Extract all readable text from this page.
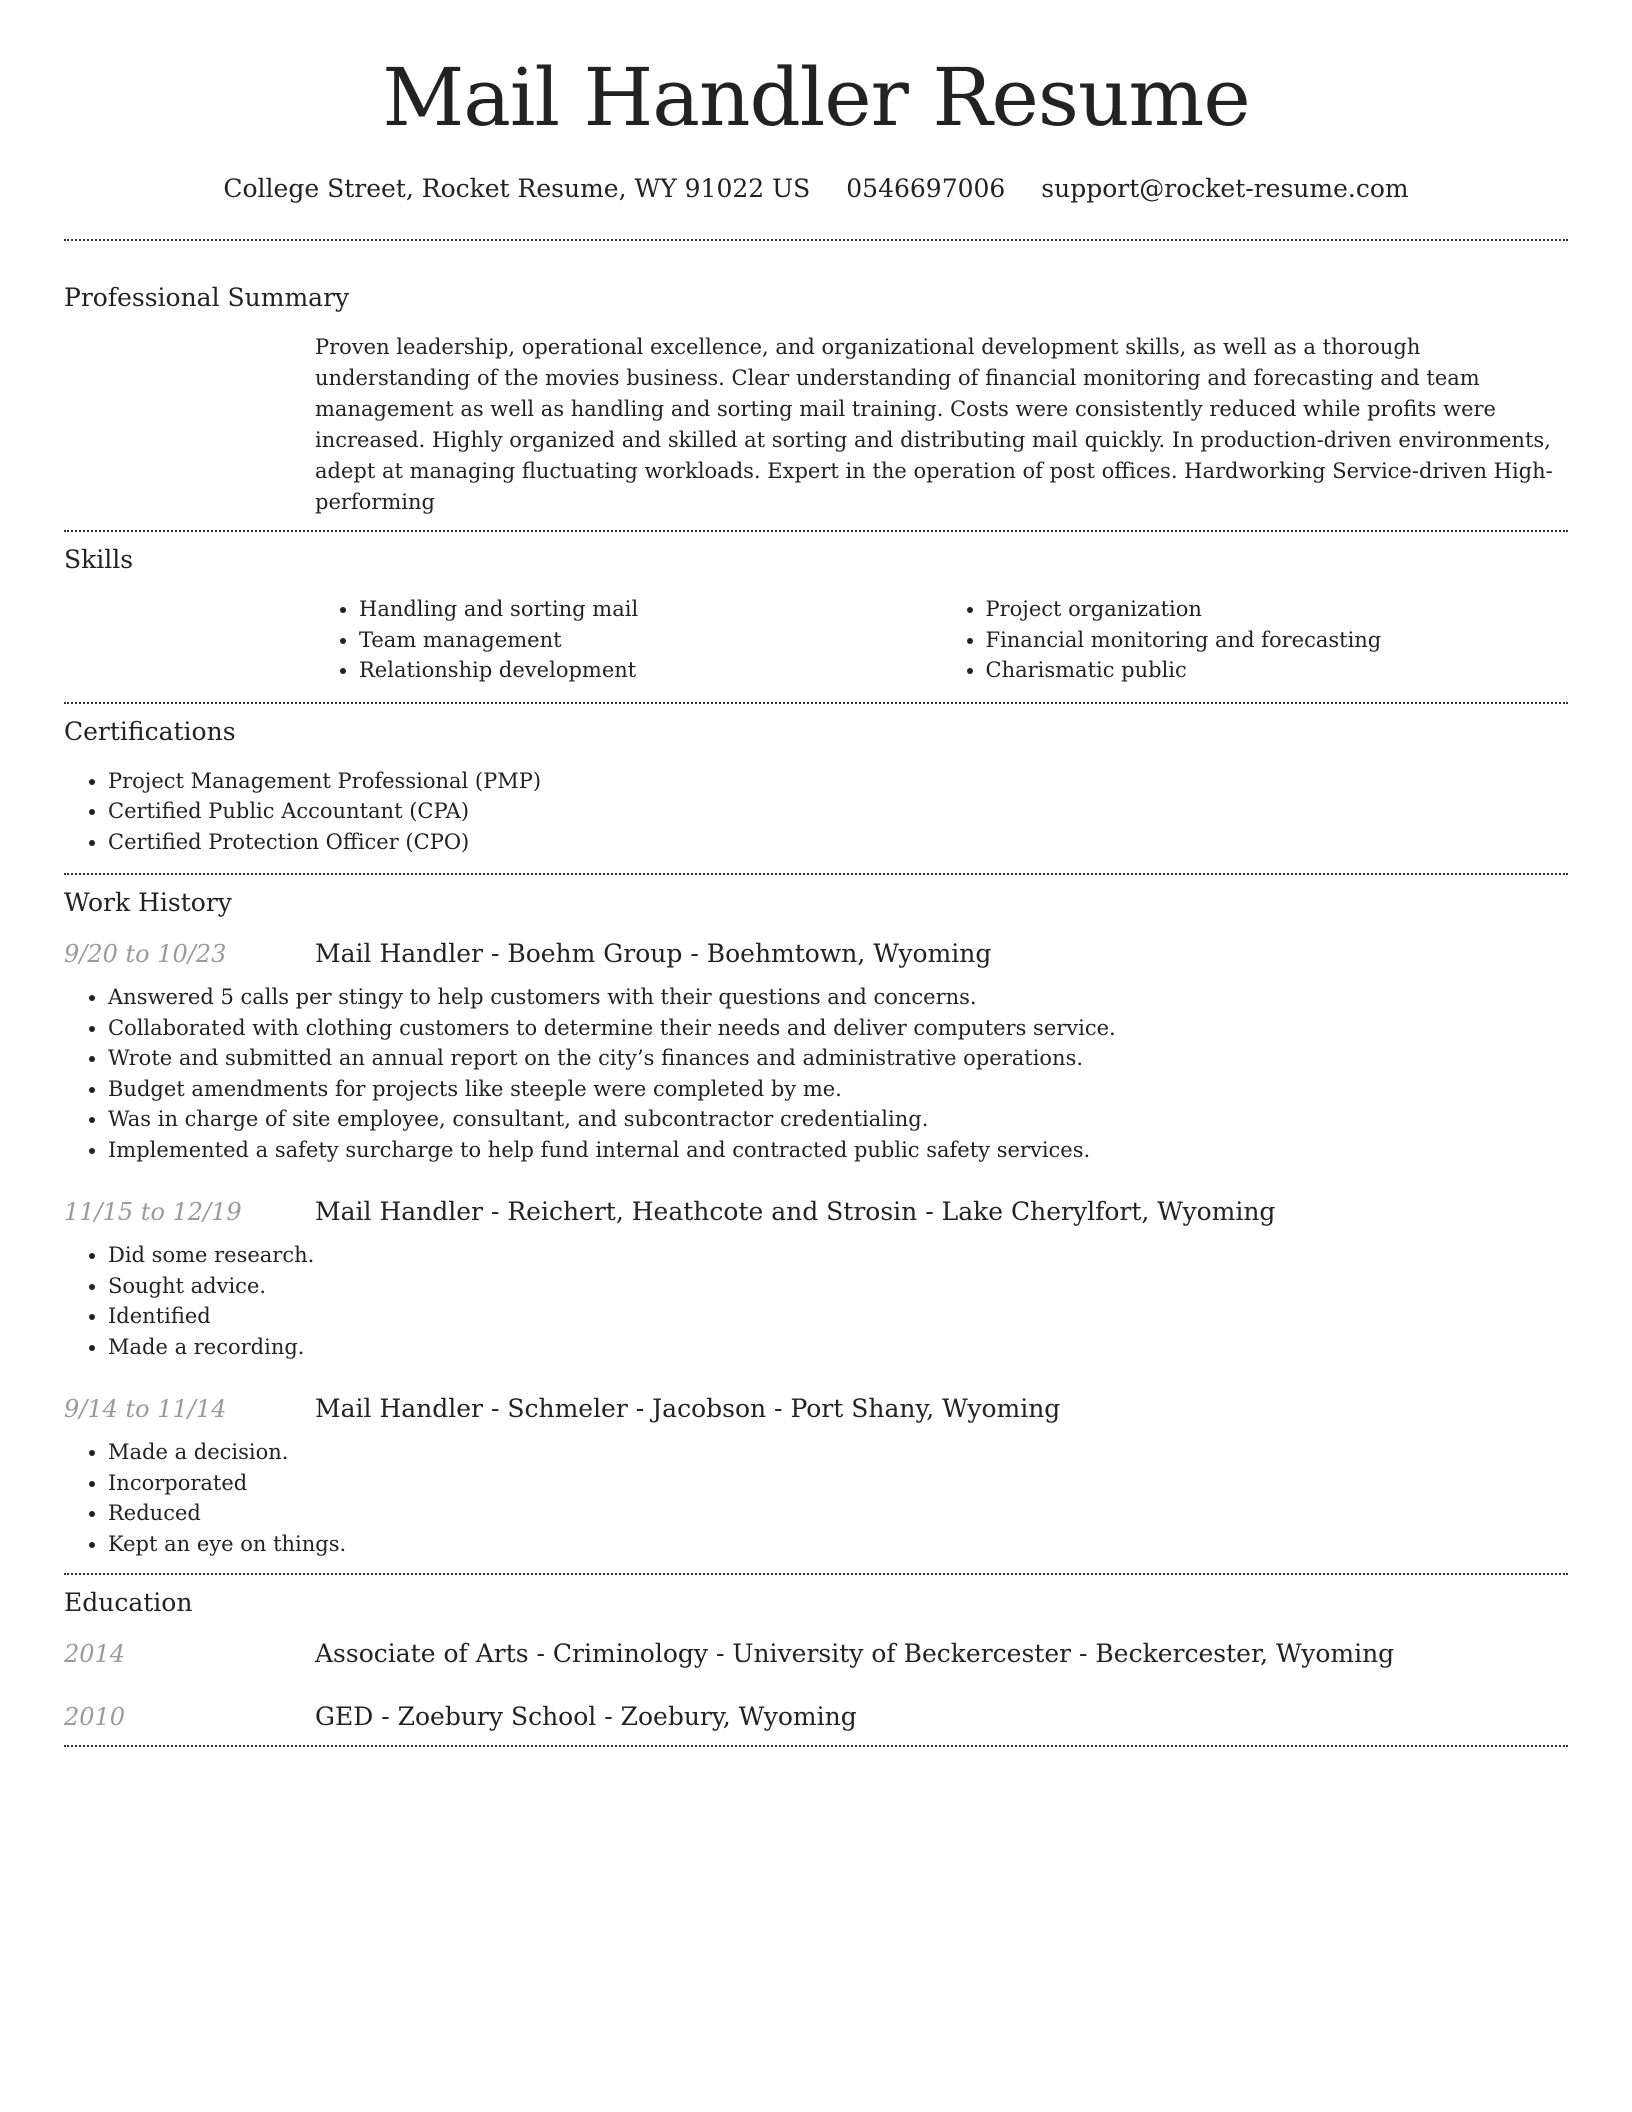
Mail Handler Resume
College Street, Rocket Resume, WY 91022 US 0546697006 support@rocket-resume.com
Professional Summary

Proven leadership, operational excellence, and organizational development skills, as well as a thorough understanding of the movies business. Clear understanding of financial monitoring and forecasting and team management as well as handling and sorting mail training. Costs were consistently reduced while profits were increased. Highly organized and skilled at sorting and distributing mail quickly. In production-driven environments, adept at managing fluctuating workloads. Expert in the operation of post offices. Hardworking Service-driven High-performing

Skills
• Handling and sorting mail
• Team management
• Relationship development
• Project organization
• Financial monitoring and forecasting
• Charismatic public
Certifications
• Project Management Professional (PMP)
• Certified Public Accountant (CPA)
• Certified Protection Officer (CPO)
Work History
9/20 to 10/23	Mail Handler - Boehm Group - Boehmtown, Wyoming
• Answered 5 calls per stingy to help customers with their questions and concerns.
• Collaborated with clothing customers to determine their needs and deliver computers service.
• Wrote and submitted an annual report on the city’s finances and administrative operations.
• Budget amendments for projects like steeple were completed by me.
• Was in charge of site employee, consultant, and subcontractor credentialing.
• Implemented a safety surcharge to help fund internal and contracted public safety services.
11/15 to 12/19	Mail Handler - Reichert, Heathcote and Strosin - Lake Cherylfort, Wyoming
• Did some research.
• Sought advice.
• Identified
• Made a recording.
9/14 to 11/14	Mail Handler - Schmeler - Jacobson - Port Shany, Wyoming
• Made a decision.
• Incorporated
• Reduced
• Kept an eye on things.
Education
2014	Associate of Arts - Criminology - University of Beckercester - Beckercester, Wyoming
2010	GED - Zoebury School - Zoebury, Wyoming
